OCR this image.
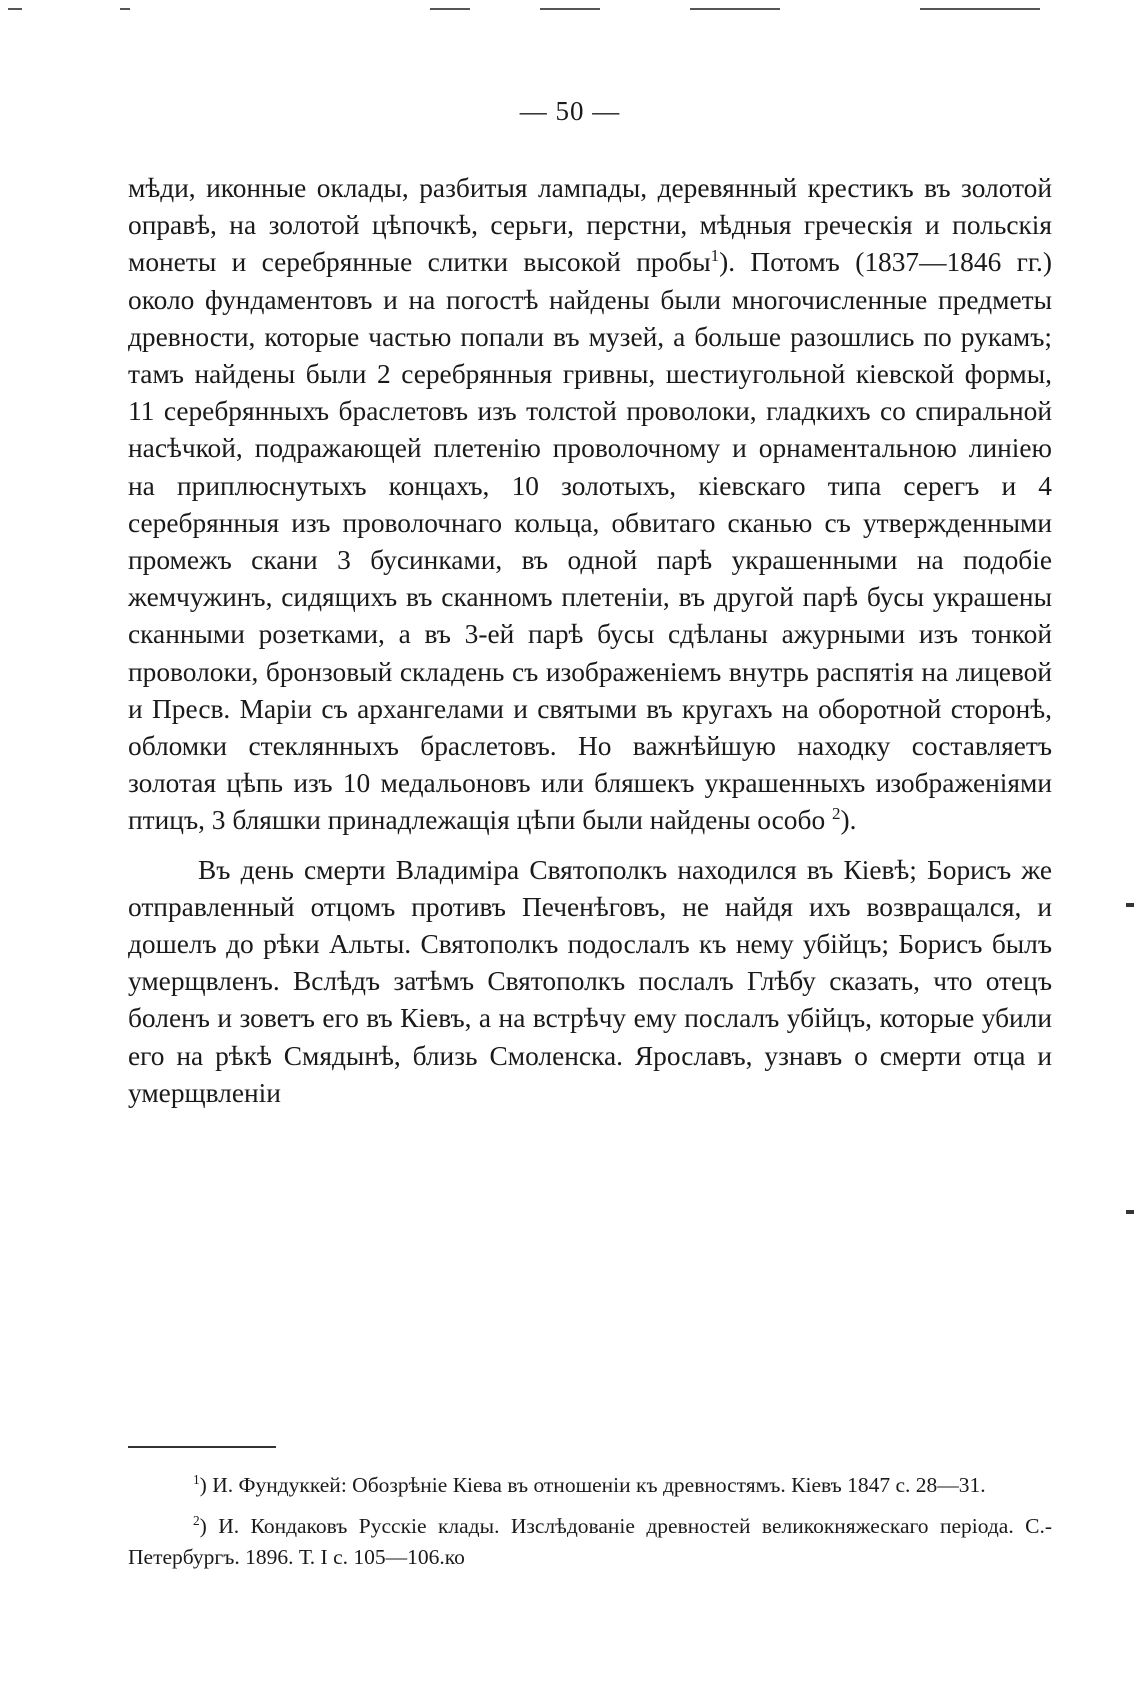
— 50 —

мѣди, иконные оклады, разбитыя лампады, деревянный крестикъ въ золотой оправѣ, на золотой цѣпочкѣ, серьги, перстни, мѣдныя греческія и польскія монеты и серебрянные слитки высокой пробы$^1$). Потомъ (1837—1846 гг.) около фундаментовъ и на погостѣ найдены были многочисленные предметы древности, которые частью попали въ музей, а больше разошлись по рукамъ; тамъ найдены были 2 серебрянныя гривны, шестиугольной кіевской формы, 11 серебрянныхъ браслетовъ изъ толстой проволоки, гладкихъ со спиральной насѣчкой, подражающей плетенію проволочному и орнаментальною линіею на приплюснутыхъ концахъ, 10 золотыхъ, кіевскаго типа серегъ и 4 серебрянныя изъ проволочнаго кольца, обвитаго сканью съ утвержденными промежъ скани 3 бусинками, въ одной парѣ украшенными на подобіе жемчужинъ, сидящихъ въ сканномъ плетеніи, въ другой парѣ бусы украшены сканными розетками, а въ 3-ей парѣ бусы сдѣланы ажурными изъ тонкой проволоки, бронзовый складень съ изображеніемъ внутрь распятія на лицевой и Пресв. Маріи съ архангелами и святыми въ кругахъ на оборотной сторонѣ, обломки стеклянныхъ браслетовъ. Но важнѣйшую находку составляетъ золотая цѣпь изъ 10 медальоновъ или бляшекъ украшенныхъ изображеніями птицъ, 3 бляшки принадлежащія цѣпи были найдены особо $^2$).

Въ день смерти Владиміра Святополкъ находился въ Кіевѣ; Борисъ же отправленный отцомъ противъ Печенѣговъ, не найдя ихъ возвращался, и дошелъ до рѣки Альты. Святополкъ подослалъ къ нему убійцъ; Борисъ былъ умерщвленъ. Вслѣдъ затѣмъ Святополкъ послалъ Глѣбу сказать, что отецъ боленъ и зоветъ его въ Кіевъ, а на встрѣчу ему послалъ убійцъ, которые убили его на рѣкѣ Смядынѣ, близь Смоленска. Ярославъ, узнавъ о смерти отца и умерщвленіи

$^1$) И. Фундуккей: Обозрѣніе Кіева въ отношеніи къ древностямъ. Кіевъ 1847 с. 28—31.

$^2$) И. Кондаковъ Русскіе клады. Изслѣдованіе древностей великокняжескаго періода. С.-Петербургъ. 1896. Т. I с. 105—106.ко
